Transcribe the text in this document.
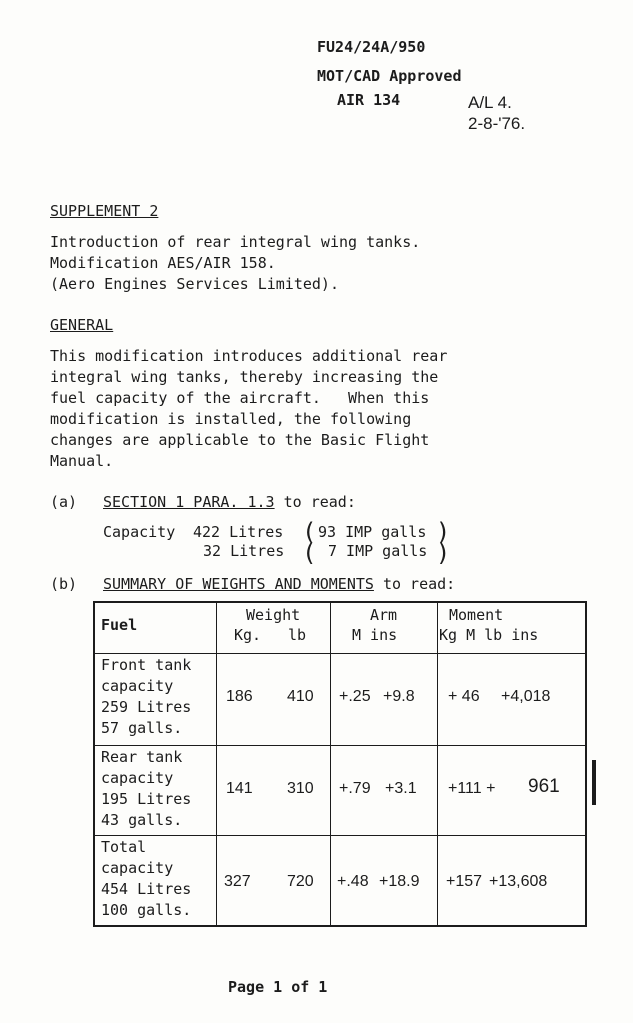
FU24/24A/950
MOT/CAD Approved
AIR 134	A/L 4.
2-8-'76.
SUPPLEMENT 2
Introduction of rear integral wing tanks.
Modification AES/AIR 158.
(Aero Engines Services Limited).
GENERAL
This modification introduces additional rear
integral wing tanks, thereby increasing the
fuel capacity of the aircraft.   When this
modification is installed, the following
changes are applicable to the Basic Flight
Manual.
(a) SECTION 1 PARA. 1.3 to read:
Capacity 422 Litres
32 Litres
(
(
93 IMP galls
7 IMP galls
)
)
(b) SUMMARY OF WEIGHTS AND MOMENTS to read:
Fuel
Weight
Kg. lb
Arm
M ins
Moment
Kg M lb ins
Front tank
capacity
259 Litres
57 galls.
186 410 +.25 +9.8 + 46 +4,018
Rear tank
capacity
195 Litres
43 galls.
141 310 +.79 +3.1 +111 + 961
Total
capacity
454 Litres
100 galls.
327 720 +.48 +18.9 +157 +13,608
Page 1 of 1
